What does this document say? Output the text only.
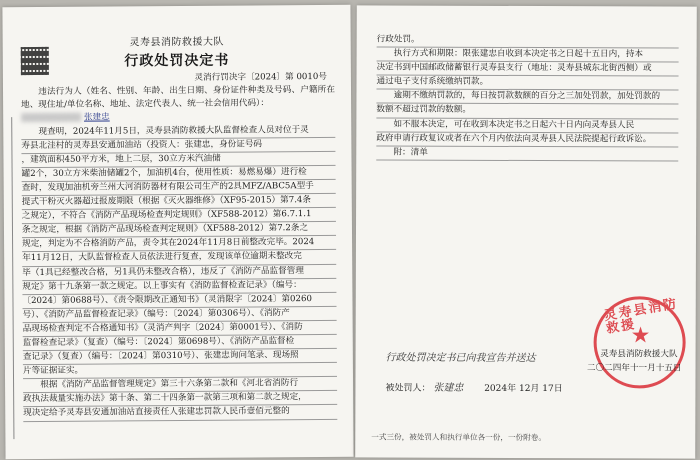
灵寿县消防救援大队
行政处罚决定书
灵消行罚决字〔2024〕第 0010号
违法行为人（姓名、性别、年龄、出生日期、身份证件种类及号码、户籍所在地、现住址/单位名称、地址、法定代表人、统一社会信用代码）：
张建忠

现查明，2024年11月5日，灵寿县消防救援大队监督检查人员对位于灵

寿县北洼村的灵寿县安通加油站（投资人：张建忠，身份证号码

，建筑面积450平方米，地上二层，30立方米汽油储

罐2个，30立方米柴油储罐2个，加油机4台，使用性质：易燃易爆）进行检

查时，发现加油机旁兰州大河消防器材有限公司生产的2具MFZ/ABC5A型手

提式干粉灭火器超过报废期限（根据《灭火器维修》（XF95-2015）第7.4条

之规定），不符合《消防产品现场检查判定规则》（XF588-2012）第6.7.1.1

条之规定，根据《消防产品现场检查判定规则》（XF588-2012）第7.2条之

规定，判定为不合格消防产品，责令其在2024年11月8日前整改完毕。2024

年11月12日，大队监督检查人员依法进行复查，发现该单位逾期未整改完

毕（1具已经整改合格，另1具仍未整改合格），违反了《消防产品监督管理

规定》第十九条第一款之规定。以上事实有《消防监督检查记录》（编号：

〔2024〕第0688号）、《责令限期改正通知书》（灵消限字〔2024〕第0260

号）、《消防产品监督检查记录》（编号：〔2024〕第0306号）、《消防产

品现场检查判定不合格通知书》（灵消产判字〔2024〕第0001号）、《消防

监督检查记录》（复查）（编号：〔2024〕第0698号）、《消防产品监督检

查记录》（复查）（编号：〔2024〕第0310号）、张建忠询问笔录、现场照

片等证据证实。

根据《消防产品监督管理规定》第三十六条第二款和《河北省消防行

政执法裁量实施办法》第十条、第二十四条第一款第三项和第二款之规定，

现决定给予灵寿县安通加油站直接责任人张建忠罚款人民币壹佰元整的

行政处罚。

执行方式和期限：限张建忠自收到本决定书之日起十五日内，持本

决定书到中国邮政储蓄银行灵寿县支行（地址：灵寿县城东北街西侧）或

通过电子支付系统缴纳罚款。

逾期不缴纳罚款的，每日按罚款数额的百分之三加处罚款，加处罚款的

数额不超过罚款的数额。

如不服本决定，可在收到本决定书之日起六十日内向灵寿县人民

政府申请行政复议或者在六个月内依法向灵寿县人民法院提起行政诉讼。

附：清单

灵寿县消防救援
★
灵寿县消防救援大队
二〇二四年十一月十五日
行政处罚决定书已向我宣告并送达
被处罚人： 张建忠 2024年 12月 17日
一式三份，被处罚人和执行单位各一份，一份附卷。
